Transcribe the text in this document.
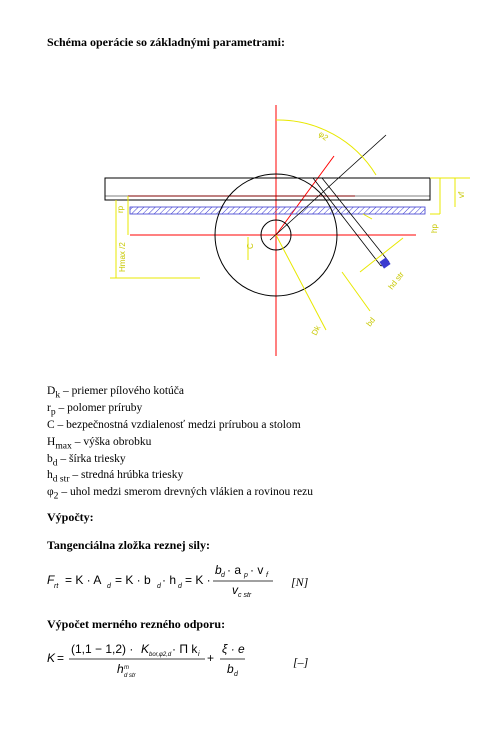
Schéma operácie so základnými parametrami:
φ2
Dk
C
Hmax /2
rp
hd str
bd
hp
vf
$D_k$ – priemer pílového kotúča
$r_p$ – polomer príruby
C – bezpečnostná vzdialenosť medzi prírubou a stolom
$H_{max}$ – výška obrobku
$b_d$ – šírka triesky
$h_{d str}$ – stredná hrúbka triesky
$\varphi_2$ – uhol medzi smerom drevných vlákien a rovinou rezu
Výpočty:
Tangenciálna zložka reznej sily:
F rt = K · A d = K · b d · h d = K ·
b d · a p · v f
v c str
[N]
Výpočet merného rezného odporu:
K =
(1,1 − 1,2) · K bor,φ2,d · Π k i
h m
d str
+
ξ · e
b d
[–]
